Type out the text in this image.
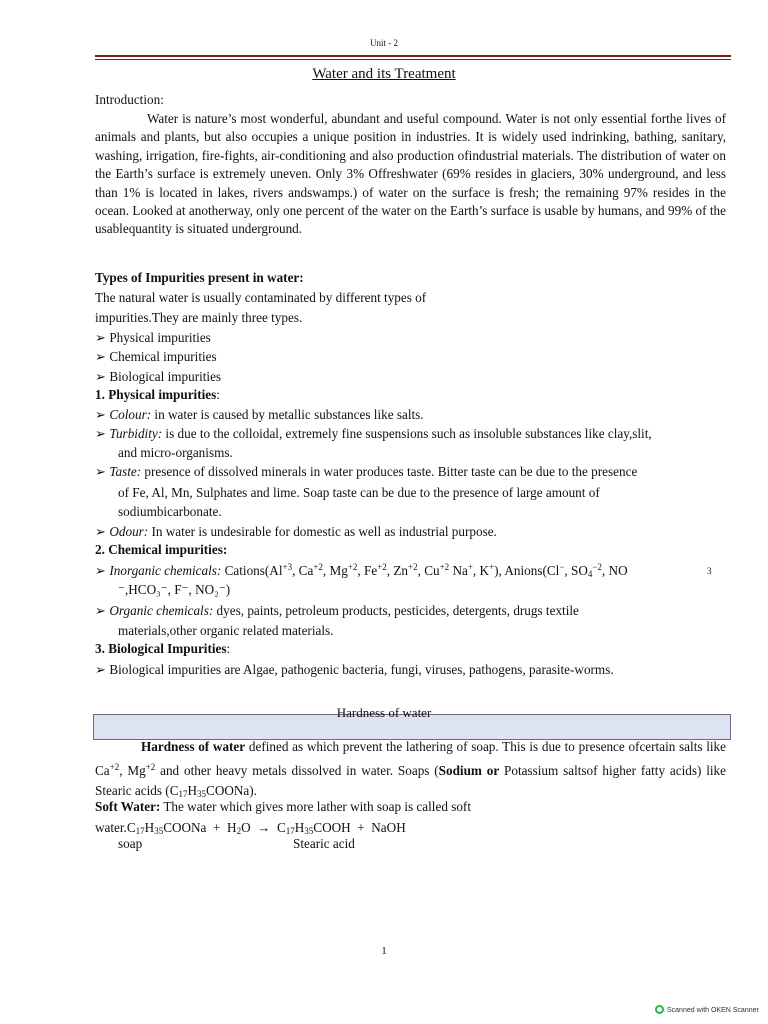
Unit - 2
Water and its Treatment
Introduction:
Water is nature’s most wonderful, abundant and useful compound. Water is not only essential forthe lives of animals and plants, but also occupies a unique position in industries. It is widely used indrinking, bathing, sanitary, washing, irrigation, fire-fights, air-conditioning and also production ofindustrial materials. The distribution of water on the Earth’s surface is extremely uneven. Only 3% Offreshwater (69% resides in glaciers, 30% underground, and less than 1% is located in lakes, rivers andswamps.) of water on the surface is fresh; the remaining 97% resides in the ocean. Looked at anotherway, only one percent of the water on the Earth’s surface is usable by humans, and 99% of the usablequantity is situated underground.
Types of Impurities present in water:
The natural water is usually contaminated by different types of
impurities.They are mainly three types.
➢ Physical impurities
➢ Chemical impurities
➢ Biological impurities
1. Physical impurities:
➢ Colour: in water is caused by metallic substances like salts.
➢ Turbidity: is due to the colloidal, extremely fine suspensions such as insoluble substances like clay,slit,
and micro-organisms.
➢ Taste: presence of dissolved minerals in water produces taste. Bitter taste can be due to the presence
of Fe, Al, Mn, Sulphates and lime. Soap taste can be due to the presence of large amount of
sodiumbicarbonate.
➢ Odour: In water is undesirable for domestic as well as industrial purpose.
2. Chemical impurities:
➢ Inorganic chemicals: $Cations(Al^{+3}$, $Ca^{+2}$, $Mg^{+2}$, $Fe^{+2}$, $Zn^{+2}$, $Cu^{+2}$ Na+, K+), Anions(Cl−, $SO_4^{-2}$, NO	3
⁻,HCO₃⁻, F⁻, NO₂⁻)
➢ Organic chemicals: dyes, paints, petroleum products, pesticides, detergents, drugs textile
materials,other organic related materials.
3. Biological Impurities:
➢ Biological impurities are Algae, pathogenic bacteria, fungi, viruses, pathogens, parasite-worms.
Hardness of water
Hardness of water defined as which prevent the lathering of soap. This is due to presence ofcertain salts like $Ca^{+2}$, $Mg^{+2}$ and other heavy metals dissolved in water. Soaps (Sodium or Potassium saltsof higher fatty acids) like Stearic acids $(C_{17}H_{35}COONa)$.
Soft Water: The water which gives more lather with soap is called soft
$water.C_{17}H_{35}COONa + H_2O$  →  $C_{17}H_{35}COOH$  +  NaOH
soap	Stearic acid
1
Scanned with OKEN Scanner
